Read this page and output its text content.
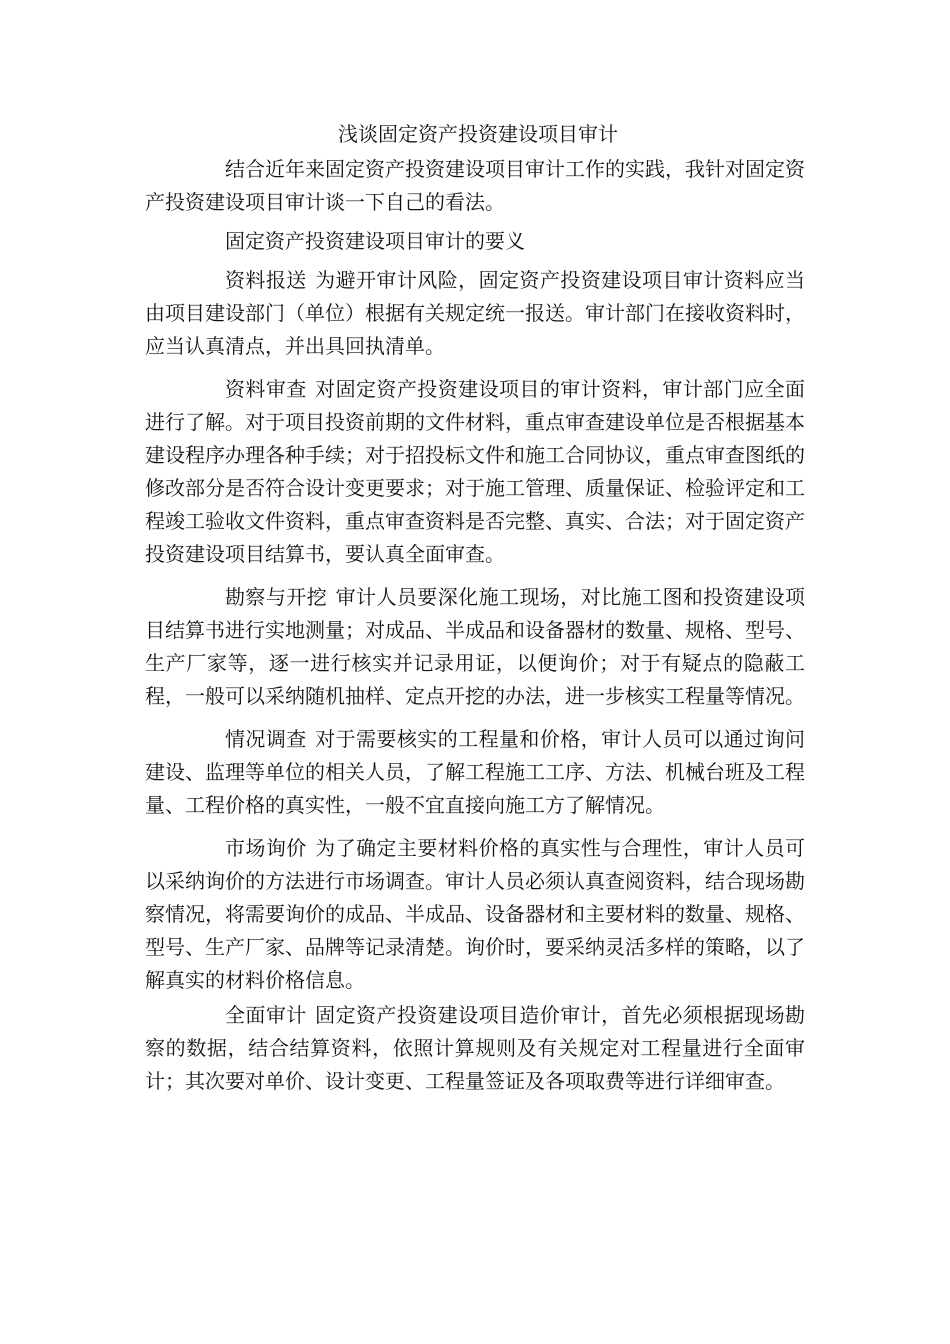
浅谈固定资产投资建设项目审计

结合近年来固定资产投资建设项目审计工作的实践，我针对固定资产投资建设项目审计谈一下自己的看法。

固定资产投资建设项目审计的要义

资料报送 为避开审计风险，固定资产投资建设项目审计资料应当由项目建设部门（单位）根据有关规定统一报送。审计部门在接收资料时，应当认真清点，并出具回执清单。

资料审查 对固定资产投资建设项目的审计资料，审计部门应全面进行了解。对于项目投资前期的文件材料，重点审查建设单位是否根据基本建设程序办理各种手续；对于招投标文件和施工合同协议，重点审查图纸的修改部分是否符合设计变更要求；对于施工管理、质量保证、检验评定和工程竣工验收文件资料，重点审查资料是否完整、真实、合法；对于固定资产投资建设项目结算书，要认真全面审查。

勘察与开挖 审计人员要深化施工现场，对比施工图和投资建设项目结算书进行实地测量；对成品、半成品和设备器材的数量、规格、型号、生产厂家等，逐一进行核实并记录用证，以便询价；对于有疑点的隐蔽工程，一般可以采纳随机抽样、定点开挖的办法，进一步核实工程量等情况。

情况调查 对于需要核实的工程量和价格，审计人员可以通过询问建设、监理等单位的相关人员，了解工程施工工序、方法、机械台班及工程量、工程价格的真实性，一般不宜直接向施工方了解情况。

市场询价 为了确定主要材料价格的真实性与合理性，审计人员可以采纳询价的方法进行市场调查。审计人员必须认真查阅资料，结合现场勘察情况，将需要询价的成品、半成品、设备器材和主要材料的数量、规格、型号、生产厂家、品牌等记录清楚。询价时，要采纳灵活多样的策略，以了解真实的材料价格信息。

全面审计 固定资产投资建设项目造价审计，首先必须根据现场勘察的数据，结合结算资料，依照计算规则及有关规定对工程量进行全面审计；其次要对单价、设计变更、工程量签证及各项取费等进行详细审查。
